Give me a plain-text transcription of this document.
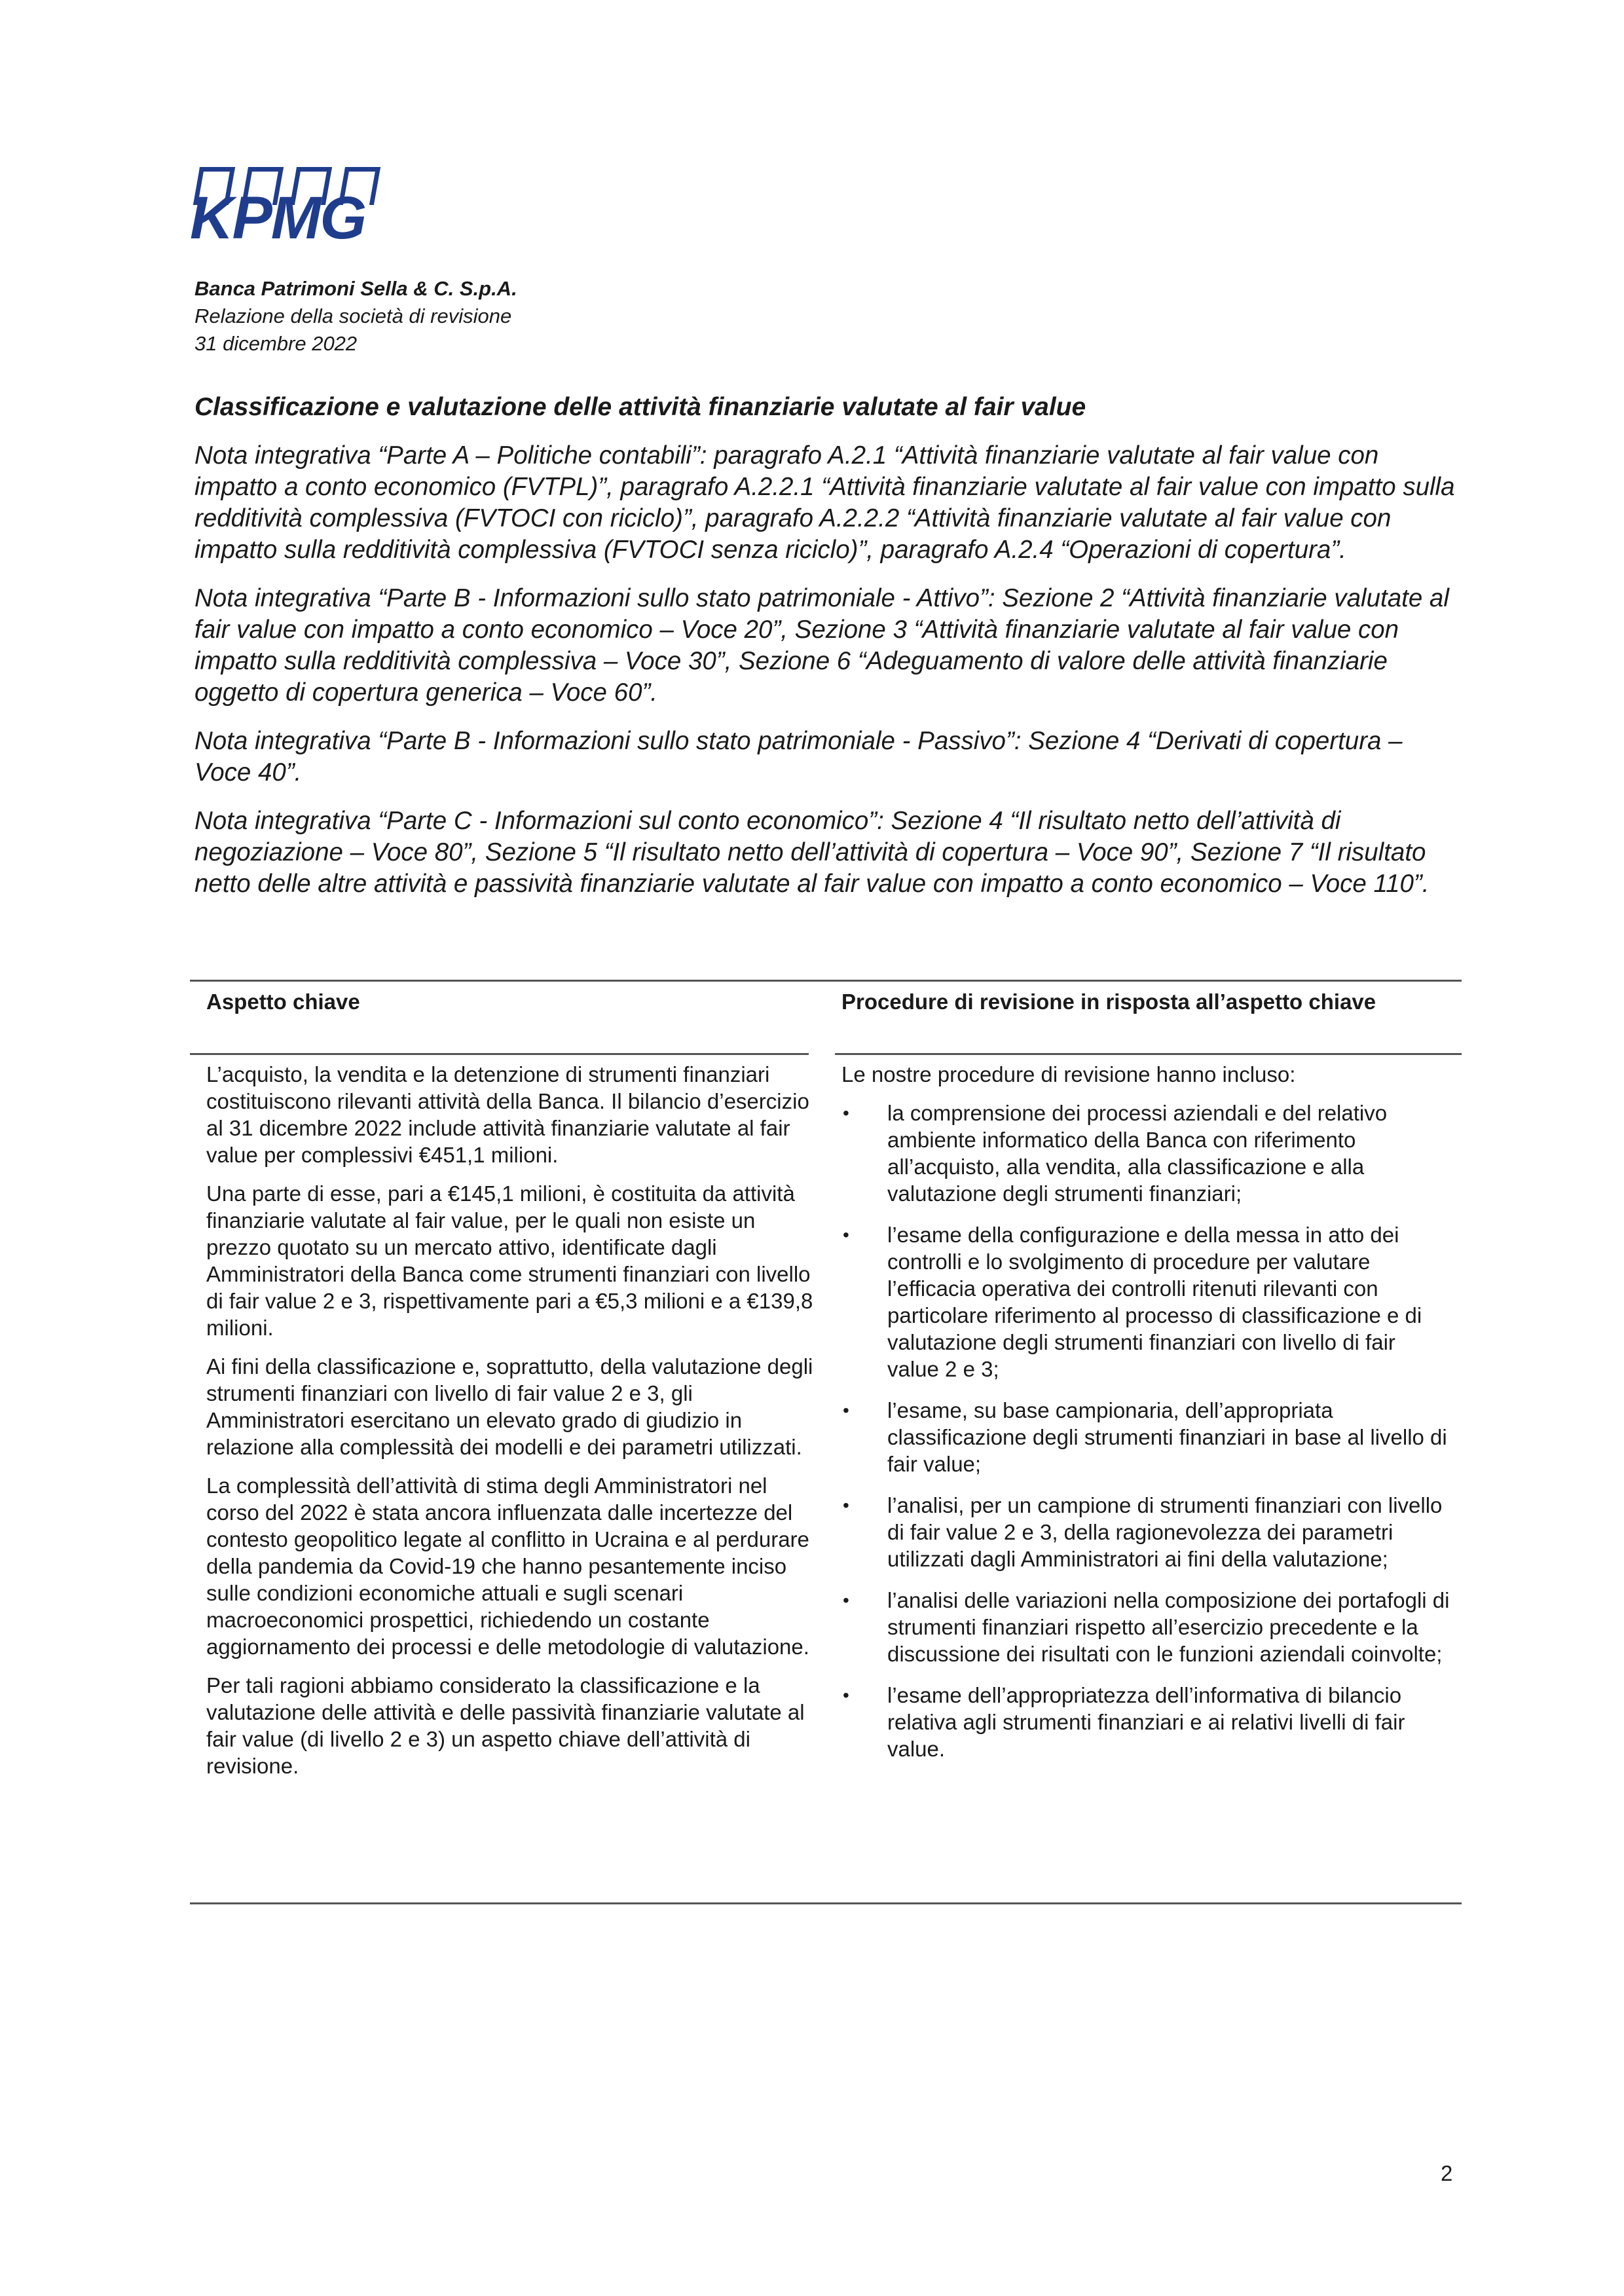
KPMG
Banca Patrimoni Sella & C. S.p.A.
Relazione della società di revisione
31 dicembre 2022
Classificazione e valutazione delle attività finanziarie valutate al fair value

Nota integrativa “Parte A – Politiche contabili”: paragrafo A.2.1 “Attività finanziarie valutate al fair value con impatto a conto economico (FVTPL)”, paragrafo A.2.2.1 “Attività finanziarie valutate al fair value con impatto sulla redditività complessiva (FVTOCI con riciclo)”, paragrafo A.2.2.2 “Attività finanziarie valutate al fair value con impatto sulla redditività complessiva (FVTOCI senza riciclo)”, paragrafo A.2.4 “Operazioni di copertura”.

Nota integrativa “Parte B - Informazioni sullo stato patrimoniale - Attivo”: Sezione 2 “Attività finanziarie valutate al fair value con impatto a conto economico – Voce 20”, Sezione 3 “Attività finanziarie valutate al fair value con impatto sulla redditività complessiva – Voce 30”, Sezione 6 “Adeguamento di valore delle attività finanziarie oggetto di copertura generica – Voce 60”.

Nota integrativa “Parte B - Informazioni sullo stato patrimoniale - Passivo”: Sezione 4 “Derivati di copertura – Voce 40”.

Nota integrativa “Parte C - Informazioni sul conto economico”: Sezione 4 “Il risultato netto dell’attività di negoziazione – Voce 80”, Sezione 5 “Il risultato netto dell’attività di copertura – Voce 90”, Sezione 7 “Il risultato netto delle altre attività e passività finanziarie valutate al fair value con impatto a conto economico – Voce 110”.

Aspetto chiave	Procedure di revisione in risposta all’aspetto chiave

L’acquisto, la vendita e la detenzione di strumenti finanziari costituiscono rilevanti attività della Banca. Il bilancio d’esercizio al 31 dicembre 2022 include attività finanziarie valutate al fair value per complessivi €451,1 milioni.

Una parte di esse, pari a €145,1 milioni, è costituita da attività finanziarie valutate al fair value, per le quali non esiste un prezzo quotato su un mercato attivo, identificate dagli Amministratori della Banca come strumenti finanziari con livello di fair value 2 e 3, rispettivamente pari a €5,3 milioni e a €139,8 milioni.

Ai fini della classificazione e, soprattutto, della valutazione degli strumenti finanziari con livello di fair value 2 e 3, gli Amministratori esercitano un elevato grado di giudizio in relazione alla complessità dei modelli e dei parametri utilizzati.

La complessità dell’attività di stima degli Amministratori nel corso del 2022 è stata ancora influenzata dalle incertezze del contesto geopolitico legate al conflitto in Ucraina e al perdurare della pandemia da Covid-19 che hanno pesantemente inciso sulle condizioni economiche attuali e sugli scenari macroeconomici prospettici, richiedendo un costante aggiornamento dei processi e delle metodologie di valutazione.

Per tali ragioni abbiamo considerato la classificazione e la valutazione delle attività e delle passività finanziarie valutate al fair value (di livello 2 e 3) un aspetto chiave dell’attività di revisione.

Le nostre procedure di revisione hanno incluso:

• la comprensione dei processi aziendali e del relativo ambiente informatico della Banca con riferimento all’acquisto, alla vendita, alla classificazione e alla valutazione degli strumenti finanziari;
• l’esame della configurazione e della messa in atto dei controlli e lo svolgimento di procedure per valutare l’efficacia operativa dei controlli ritenuti rilevanti con particolare riferimento al processo di classificazione e di valutazione degli strumenti finanziari con livello di fair value 2 e 3;
• l’esame, su base campionaria, dell’appropriata classificazione degli strumenti finanziari in base al livello di fair value;
• l’analisi, per un campione di strumenti finanziari con livello di fair value 2 e 3, della ragionevolezza dei parametri utilizzati dagli Amministratori ai fini della valutazione;
• l’analisi delle variazioni nella composizione dei portafogli di strumenti finanziari rispetto all’esercizio precedente e la discussione dei risultati con le funzioni aziendali coinvolte;
• l’esame dell’appropriatezza dell’informativa di bilancio relativa agli strumenti finanziari e ai relativi livelli di fair value.
2
